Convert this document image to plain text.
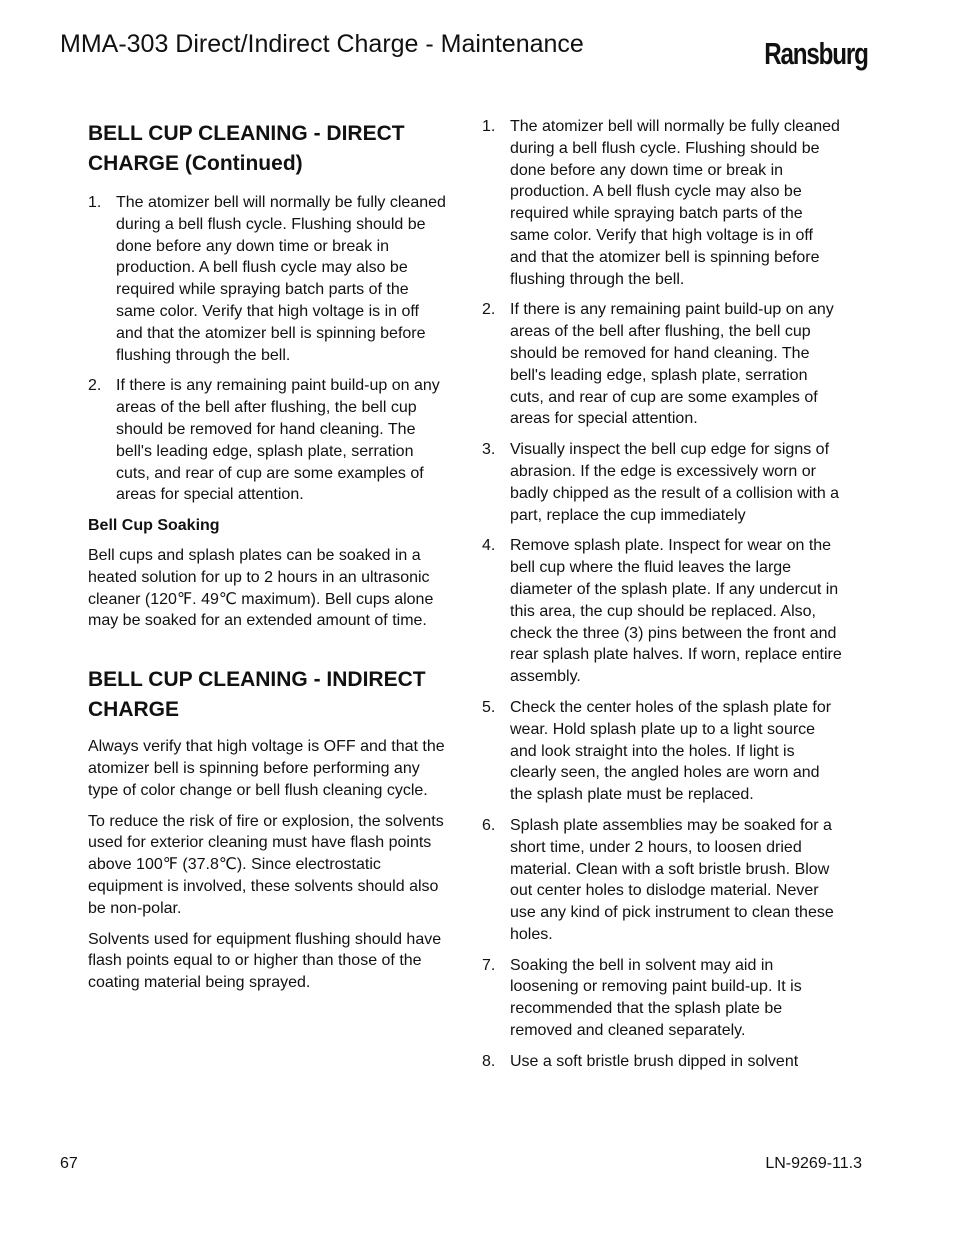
MMA-303 Direct/Indirect Charge - Maintenance	Ransburg
BELL CUP CLEANING - DIRECT CHARGE (Continued)
1. The atomizer bell will normally be fully cleaned during a bell flush cycle. Flushing should be done before any down time or break in production. A bell flush cycle may also be required while spraying batch parts of the same color. Verify that high voltage is in off and that the atomizer bell is spinning before flushing through the bell.
2. If there is any remaining paint build-up on any areas of the bell after flushing, the bell cup should be removed for hand cleaning. The bell's leading edge, splash plate, serration cuts, and rear of cup are some examples of areas for special attention.
Bell Cup Soaking

Bell cups and splash plates can be soaked in a heated solution for up to 2 hours in an ultrasonic cleaner (120℉. 49℃ maximum). Bell cups alone may be soaked for an extended amount of time.

BELL CUP CLEANING - INDIRECT CHARGE

Always verify that high voltage is OFF and that the atomizer bell is spinning before performing any type of color change or bell flush cleaning cycle.

To reduce the risk of fire or explosion, the solvents used for exterior cleaning must have flash points above 100℉ (37.8℃). Since electrostatic equipment is involved, these solvents should also be non-polar.

Solvents used for equipment flushing should have flash points equal to or higher than those of the coating material being sprayed.

1. The atomizer bell will normally be fully cleaned during a bell flush cycle. Flushing should be done before any down time or break in production. A bell flush cycle may also be required while spraying batch parts of the same color. Verify that high voltage is in off and that the atomizer bell is spinning before flushing through the bell.
2. If there is any remaining paint build-up on any areas of the bell after flushing, the bell cup should be removed for hand cleaning. The bell's leading edge, splash plate, serration cuts, and rear of cup are some examples of areas for special attention.
3. Visually inspect the bell cup edge for signs of abrasion. If the edge is excessively worn or badly chipped as the result of a collision with a part, replace the cup immediately
4. Remove splash plate. Inspect for wear on the bell cup where the fluid leaves the large diameter of the splash plate. If any undercut in this area, the cup should be replaced. Also, check the three (3) pins between the front and rear splash plate halves. If worn, replace entire assembly.
5. Check the center holes of the splash plate for wear. Hold splash plate up to a light source and look straight into the holes. If light is clearly seen, the angled holes are worn and the splash plate must be replaced.
6. Splash plate assemblies may be soaked for a short time, under 2 hours, to loosen dried material. Clean with a soft bristle brush. Blow out center holes to dislodge material. Never use any kind of pick instrument to clean these holes.
7. Soaking the bell in solvent may aid in loosening or removing paint build-up. It is recommended that the splash plate be removed and cleaned separately.
8. Use a soft bristle brush dipped in solvent
67	LN-9269-11.3
